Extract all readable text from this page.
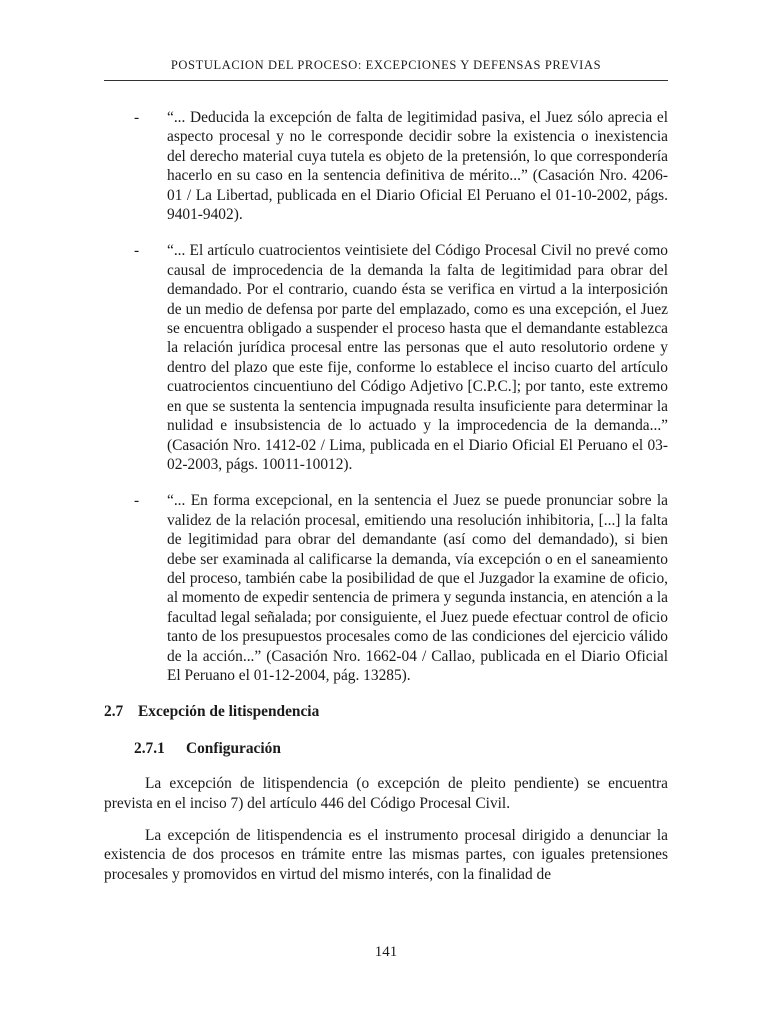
POSTULACION DEL PROCESO: EXCEPCIONES Y DEFENSAS PREVIAS
-	“... Deducida la excepción de falta de legitimidad pasiva, el Juez sólo aprecia el aspecto procesal y no le corresponde decidir sobre la existencia o inexistencia del derecho material cuya tutela es objeto de la pretensión, lo que correspondería hacerlo en su caso en la sentencia definitiva de mérito...” (Casación Nro. 4206-01 / La Libertad, publicada en el Diario Oficial El Peruano el 01-10-2002, págs. 9401-9402).
-	“... El artículo cuatrocientos veintisiete del Código Procesal Civil no prevé como causal de improcedencia de la demanda la falta de legitimidad para obrar del demandado. Por el contrario, cuando ésta se verifica en virtud a la interposición de un medio de defensa por parte del emplazado, como es una excepción, el Juez se encuentra obligado a suspender el proceso hasta que el demandante establezca la relación jurídica procesal entre las personas que el auto resolutorio ordene y dentro del plazo que este fije, conforme lo establece el inciso cuarto del artículo cuatrocientos cincuentiuno del Código Adjetivo [C.P.C.]; por tanto, este extremo en que se sustenta la sentencia impugnada resulta insuficiente para determinar la nulidad e insubsistencia de lo actuado y la improcedencia de la demanda...” (Casación Nro. 1412-02 / Lima, publicada en el Diario Oficial El Peruano el 03-02-2003, págs. 10011-10012).
-	“... En forma excepcional, en la sentencia el Juez se puede pronunciar sobre la validez de la relación procesal, emitiendo una resolución inhibitoria, [...] la falta de legitimidad para obrar del demandante (así como del demandado), si bien debe ser examinada al calificarse la demanda, vía excepción o en el saneamiento del proceso, también cabe la posibilidad de que el Juzgador la examine de oficio, al momento de expedir sentencia de primera y segunda instancia, en atención a la facultad legal señalada; por consiguiente, el Juez puede efectuar control de oficio tanto de los presupuestos procesales como de las condiciones del ejercicio válido de la acción...” (Casación Nro. 1662-04 / Callao, publicada en el Diario Oficial El Peruano el 01-12-2004, pág. 13285).
2.7 Excepción de litispendencia
2.7.1 Configuración

La excepción de litispendencia (o excepción de pleito pendiente) se encuentra prevista en el inciso 7) del artículo 446 del Código Procesal Civil.

La excepción de litispendencia es el instrumento procesal dirigido a denunciar la existencia de dos procesos en trámite entre las mismas partes, con iguales pretensiones procesales y promovidos en virtud del mismo interés, con la finalidad de

141
